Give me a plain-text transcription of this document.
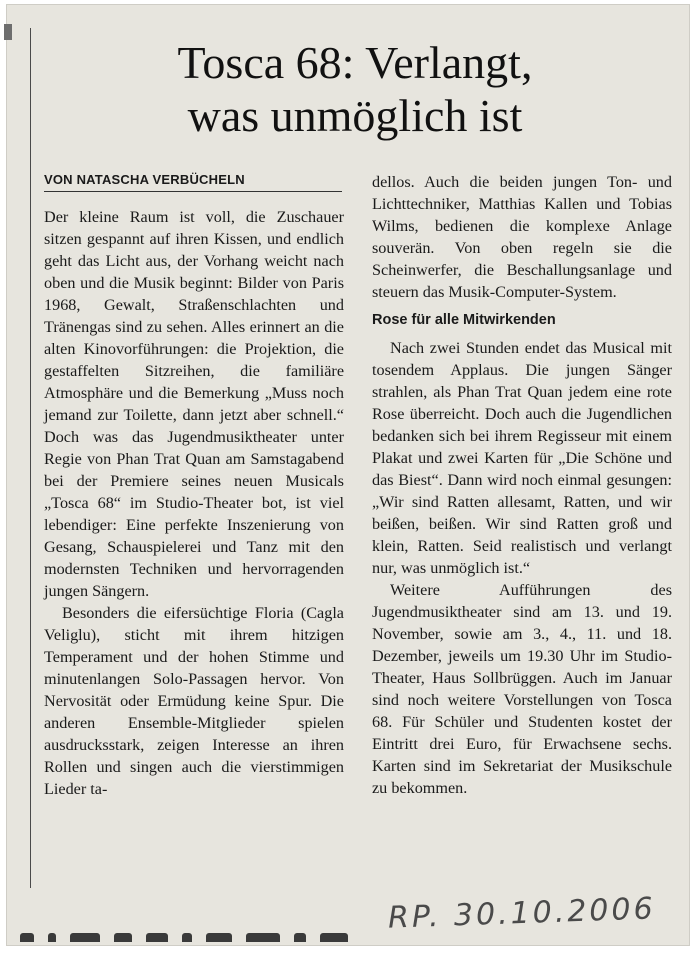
Tosca 68: Verlangt,
was unmöglich ist
VON NATASCHA VERBÜCHELN

Der kleine Raum ist voll, die Zuschauer sitzen gespannt auf ihren Kissen, und endlich geht das Licht aus, der Vorhang weicht nach oben und die Musik beginnt: Bilder von Paris 1968, Gewalt, Straßenschlachten und Tränengas sind zu sehen. Alles erinnert an die alten Kinovorführungen: die Projektion, die gestaffelten Sitzreihen, die familiäre Atmosphäre und die Bemerkung „Muss noch jemand zur Toilette, dann jetzt aber schnell.“ Doch was das Jugendmusiktheater unter Regie von Phan Trat Quan am Samstagabend bei der Premiere seines neuen Musicals „Tosca 68“ im Studio-Theater bot, ist viel lebendiger: Eine perfekte Inszenierung von Gesang, Schauspielerei und Tanz mit den modernsten Techniken und hervorragenden jungen Sängern.

Besonders die eifersüchtige Floria (Cagla Veliglu), sticht mit ihrem hitzigen Temperament und der hohen Stimme und minutenlangen Solo-Passagen hervor. Von Nervosität oder Ermüdung keine Spur. Die anderen Ensemble-Mitglieder spielen ausdrucksstark, zeigen Interesse an ihren Rollen und singen auch die vierstimmigen Lieder ta-

dellos. Auch die beiden jungen Ton- und Lichttechniker, Matthias Kallen und Tobias Wilms, bedienen die komplexe Anlage souverän. Von oben regeln sie die Scheinwerfer, die Beschallungsanlage und steuern das Musik-Computer-System.

Rose für alle Mitwirkenden

Nach zwei Stunden endet das Musical mit tosendem Applaus. Die jungen Sänger strahlen, als Phan Trat Quan jedem eine rote Rose überreicht. Doch auch die Jugendlichen bedanken sich bei ihrem Regisseur mit einem Plakat und zwei Karten für „Die Schöne und das Biest“. Dann wird noch einmal gesungen: „Wir sind Ratten allesamt, Ratten, und wir beißen, beißen. Wir sind Ratten groß und klein, Ratten. Seid realistisch und verlangt nur, was unmöglich ist.“

Weitere Aufführungen des Jugendmusiktheater sind am 13. und 19. November, sowie am 3., 4., 11. und 18. Dezember, jeweils um 19.30 Uhr im Studio-Theater, Haus Sollbrüggen. Auch im Januar sind noch weitere Vorstellungen von Tosca 68. Für Schüler und Studenten kostet der Eintritt drei Euro, für Erwachsene sechs. Karten sind im Sekretariat der Musikschule zu bekommen.

RP. 30.10.2006
